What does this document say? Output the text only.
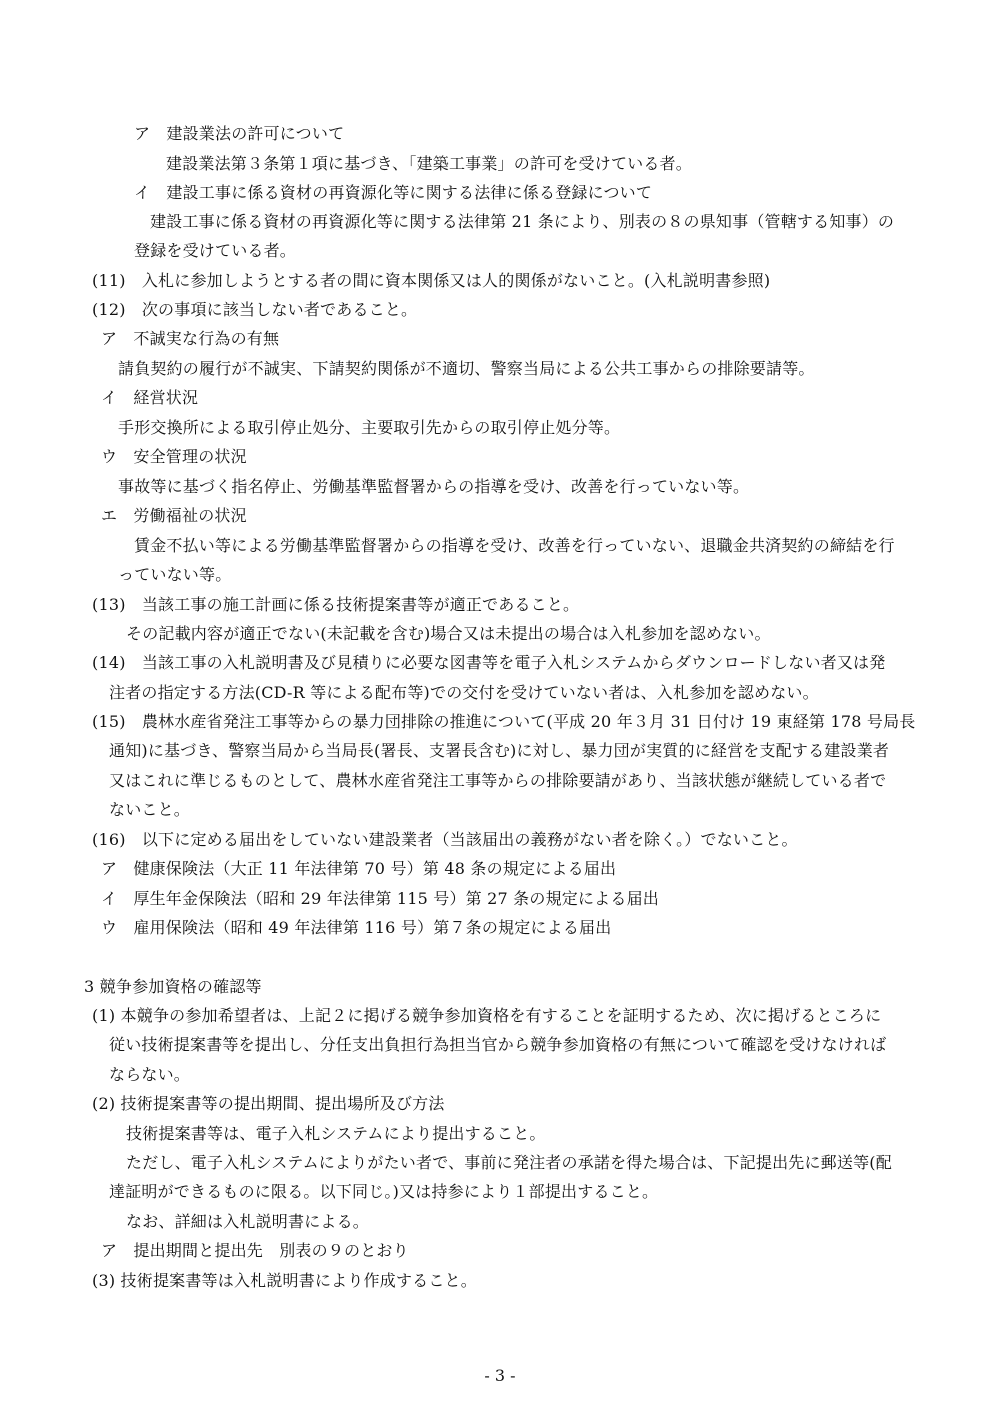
ア　建設業法の許可について
建設業法第３条第１項に基づき、「建築工事業」の許可を受けている者。
イ　建設工事に係る資材の再資源化等に関する法律に係る登録について
建設工事に係る資材の再資源化等に関する法律第 21 条により、別表の８の県知事（管轄する知事）の
登録を受けている者。
(11)　入札に参加しようとする者の間に資本関係又は人的関係がないこと。(入札説明書参照)
(12)　次の事項に該当しない者であること。
ア　不誠実な行為の有無
請負契約の履行が不誠実、下請契約関係が不適切、警察当局による公共工事からの排除要請等。
イ　経営状況
手形交換所による取引停止処分、主要取引先からの取引停止処分等。
ウ　安全管理の状況
事故等に基づく指名停止、労働基準監督署からの指導を受け、改善を行っていない等。
エ　労働福祉の状況
賃金不払い等による労働基準監督署からの指導を受け、改善を行っていない、退職金共済契約の締結を行
っていない等。
(13)　当該工事の施工計画に係る技術提案書等が適正であること。
その記載内容が適正でない(未記載を含む)場合又は未提出の場合は入札参加を認めない。
(14)　当該工事の入札説明書及び見積りに必要な図書等を電子入札システムからダウンロードしない者又は発
注者の指定する方法(CD-R 等による配布等)での交付を受けていない者は、入札参加を認めない。
(15)　農林水産省発注工事等からの暴力団排除の推進について(平成 20 年３月 31 日付け 19 東経第 178 号局長
通知)に基づき、警察当局から当局長(署長、支署長含む)に対し、暴力団が実質的に経営を支配する建設業者
又はこれに準じるものとして、農林水産省発注工事等からの排除要請があり、当該状態が継続している者で
ないこと。
(16)　以下に定める届出をしていない建設業者（当該届出の義務がない者を除く。）でないこと。
ア　健康保険法（大正 11 年法律第 70 号）第 48 条の規定による届出
イ　厚生年金保険法（昭和 29 年法律第 115 号）第 27 条の規定による届出
ウ　雇用保険法（昭和 49 年法律第 116 号）第７条の規定による届出
3 競争参加資格の確認等
(1) 本競争の参加希望者は、上記２に掲げる競争参加資格を有することを証明するため、次に掲げるところに
従い技術提案書等を提出し、分任支出負担行為担当官から競争参加資格の有無について確認を受けなければ
ならない。
(2) 技術提案書等の提出期間、提出場所及び方法
技術提案書等は、電子入札システムにより提出すること。
ただし、電子入札システムによりがたい者で、事前に発注者の承諾を得た場合は、下記提出先に郵送等(配
達証明ができるものに限る。以下同じ。)又は持参により１部提出すること。
なお、詳細は入札説明書による。
ア　提出期間と提出先　別表の９のとおり
(3) 技術提案書等は入札説明書により作成すること。
- 3 -
